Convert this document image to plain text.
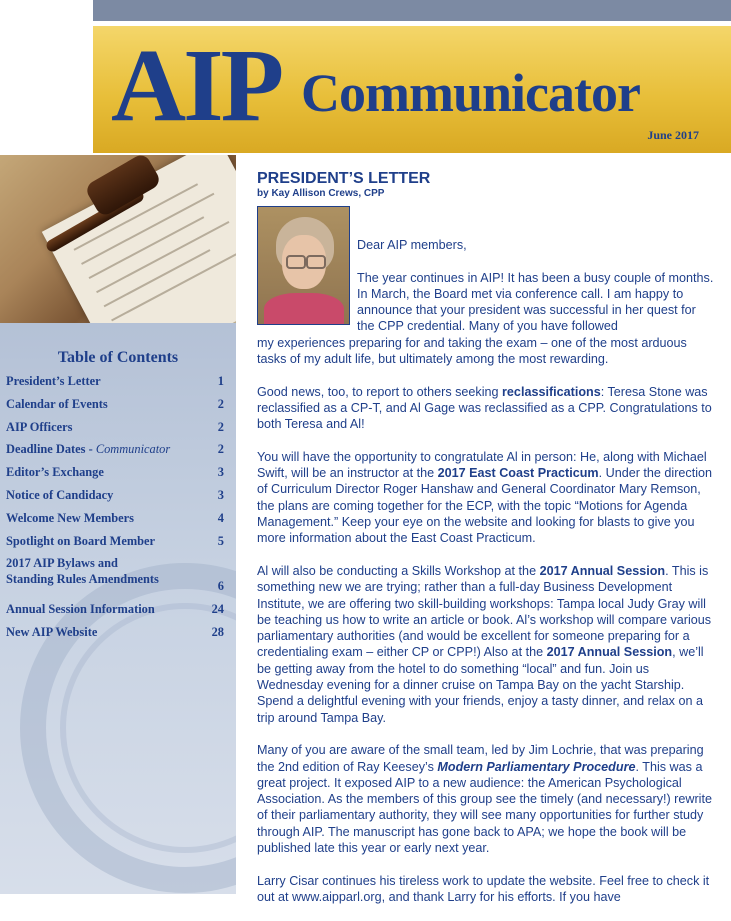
AIP Communicator
June 2017
Table of Contents
President’s Letter	1
Calendar of Events	2
AIP Officers	2
Deadline Dates - Communicator	2
Editor’s Exchange	3
Notice of Candidacy	3
Welcome New Members	4
Spotlight on Board Member	5
2017 AIP Bylaws and
Standing Rules Amendments	6
Annual Session Information	24
New AIP Website	28
PRESIDENT’S LETTER

by Kay Allison Crews, CPP

Dear AIP members,

The year continues in AIP! It has been a busy couple of months. In March, the Board met via conference call. I am happy to announce that your president was successful in her quest for the CPP credential. Many of you have followed

my experiences preparing for and taking the exam – one of the most arduous tasks of my adult life, but ultimately among the most rewarding.

Good news, too, to report to others seeking reclassifications: Teresa Stone was reclassified as a CP-T, and Al Gage was reclassified as a CPP. Congratulations to both Teresa and Al!

You will have the opportunity to congratulate Al in person: He, along with Michael Swift, will be an instructor at the 2017 East Coast Practicum. Under the direction of Curriculum Director Roger Hanshaw and General Coordinator Mary Remson, the plans are coming together for the ECP, with the topic “Motions for Agenda Management.” Keep your eye on the website and looking for blasts to give you more information about the East Coast Practicum.

Al will also be conducting a Skills Workshop at the 2017 Annual Session. This is something new we are trying; rather than a full-day Business Development Institute, we are offering two skill-building workshops: Tampa local Judy Gray will be teaching us how to write an article or book. Al’s workshop will compare various parliamentary authorities (and would be excellent for someone preparing for a credentialing exam – either CP or CPP!) Also at the 2017 Annual Session, we’ll be getting away from the hotel to do something “local” and fun. Join us Wednesday evening for a dinner cruise on Tampa Bay on the yacht Starship. Spend a delightful evening with your friends, enjoy a tasty dinner, and relax on a trip around Tampa Bay.

Many of you are aware of the small team, led by Jim Lochrie, that was preparing the 2nd edition of Ray Keesey’s Modern Parliamentary Procedure. This was a great project. It exposed AIP to a new audience: the American Psychological Association. As the members of this group see the timely (and necessary!) rewrite of their parliamentary authority, they will see many opportunities for further study through AIP. The manuscript has gone back to APA; we hope the book will be published late this year or early next year.

Larry Cisar continues his tireless work to update the website. Feel free to check it out at www.aipparl.org, and thank Larry for his efforts. If you have
